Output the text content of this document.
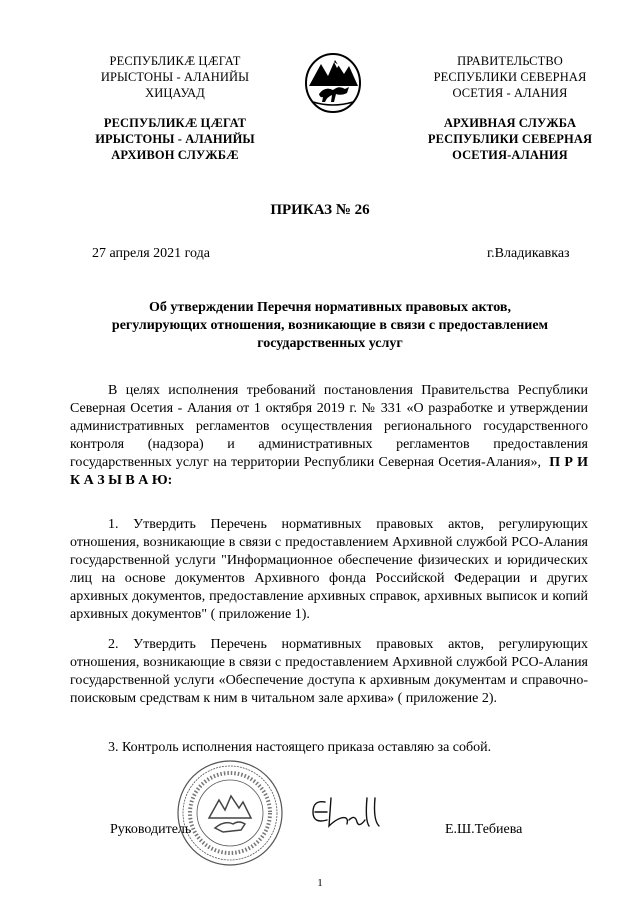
РЕСПУБЛИКӔ ЦӔГАТ
ИРЫСТОНЫ - АЛАНИЙЫ
ХИЦАУАД
РЕСПУБЛИКӔ ЦӔГАТ
ИРЫСТОНЫ - АЛАНИЙЫ
АРХИВОН СЛУЖБӔ
ПРАВИТЕЛЬСТВО
РЕСПУБЛИКИ СЕВЕРНАЯ
ОСЕТИЯ - АЛАНИЯ
АРХИВНАЯ СЛУЖБА
РЕСПУБЛИКИ СЕВЕРНАЯ
ОСЕТИЯ-АЛАНИЯ
ПРИКАЗ № 26
27 апреля 2021 года	г.Владикавказ
Об утверждении Перечня нормативных правовых актов,
регулирующих отношения, возникающие в связи с предоставлением
государственных услуг
В целях исполнения требований постановления Правительства Республики Северная Осетия - Алания от 1 октября 2019 г. № 331 «О разработке и утверждении административных регламентов осуществления регионального государственного контроля (надзора) и административных регламентов предоставления государственных услуг на территории Республики Северная Осетия-Алания», П Р И К А З Ы В А Ю:
1. Утвердить Перечень нормативных правовых актов, регулирующих отношения, возникающие в связи с предоставлением Архивной службой РСО-Алания государственной услуги "Информационное обеспечение физических и юридических лиц на основе документов Архивного фонда Российской Федерации и других архивных документов, предоставление архивных справок, архивных выписок и копий архивных документов" ( приложение 1).
2. Утвердить Перечень нормативных правовых актов, регулирующих отношения, возникающие в связи с предоставлением Архивной службой РСО-Алания государственной услуги «Обеспечение доступа к архивным документам и справочно-поисковым средствам к ним в читальном зале архива» ( приложение 2).
3. Контроль исполнения настоящего приказа оставляю за собой.
Руководитель	Е.Ш.Тебиева
1
